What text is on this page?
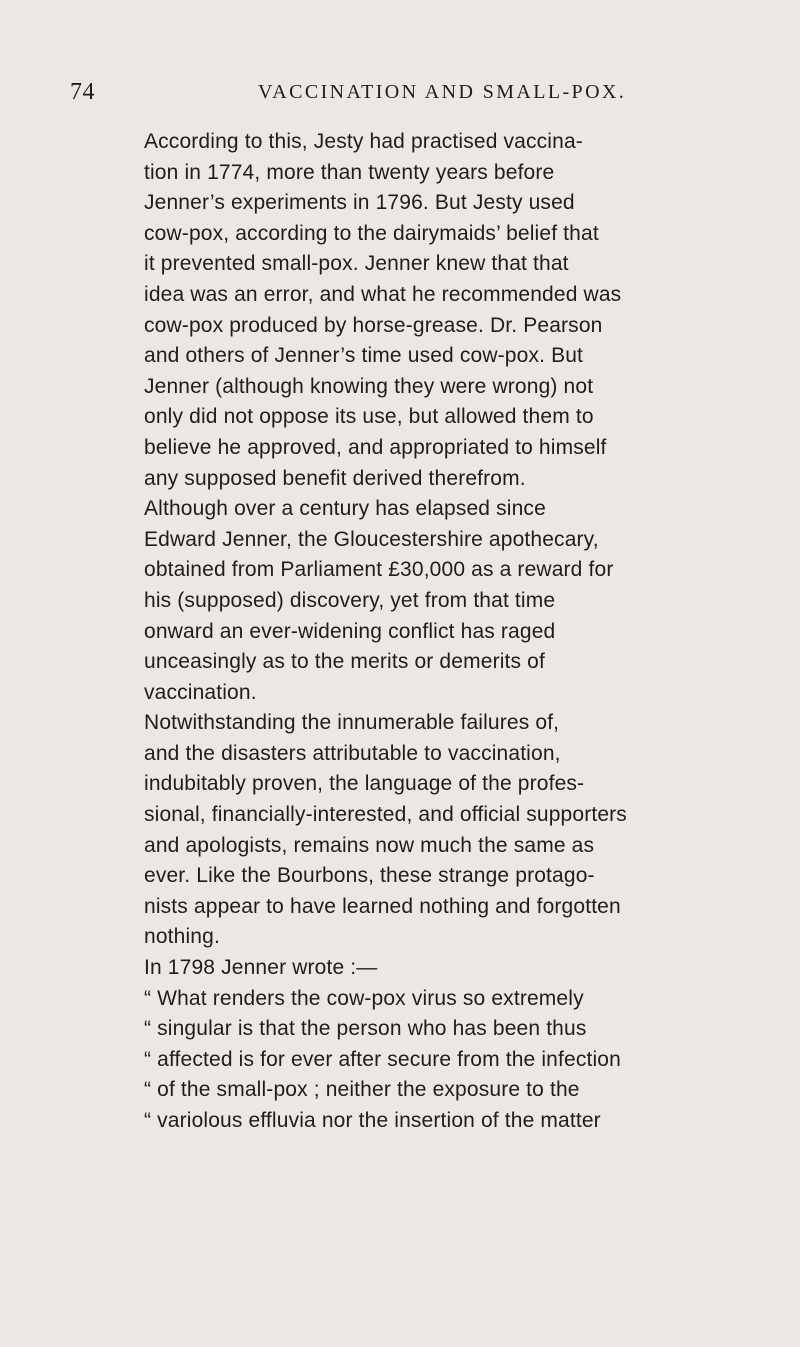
74	VACCINATION AND SMALL-POX.

According to this, Jesty had practised vaccina-
tion in 1774, more than twenty years before
Jenner’s experiments in 1796. But Jesty used
cow-pox, according to the dairymaids’ belief that
it prevented small-pox. Jenner knew that that
idea was an error, and what he recommended was
cow-pox produced by horse-grease. Dr. Pearson
and others of Jenner’s time used cow-pox. But
Jenner (although knowing they were wrong) not
only did not oppose its use, but allowed them to
believe he approved, and appropriated to himself
any supposed benefit derived therefrom.

Although over a century has elapsed since
Edward Jenner, the Gloucestershire apothecary,
obtained from Parliament £30,000 as a reward for
his (supposed) discovery, yet from that time
onward an ever-widening conflict has raged
unceasingly as to the merits or demerits of
vaccination.

Notwithstanding the innumerable failures of,
and the disasters attributable to vaccination,
indubitably proven, the language of the profes-
sional, financially-interested, and official supporters
and apologists, remains now much the same as
ever. Like the Bourbons, these strange protago-
nists appear to have learned nothing and forgotten
nothing.

In 1798 Jenner wrote :—

“ What renders the cow-pox virus so extremely
“ singular is that the person who has been thus
“ affected is for ever after secure from the infection
“ of the small-pox ; neither the exposure to the
“ variolous effluvia nor the insertion of the matter
